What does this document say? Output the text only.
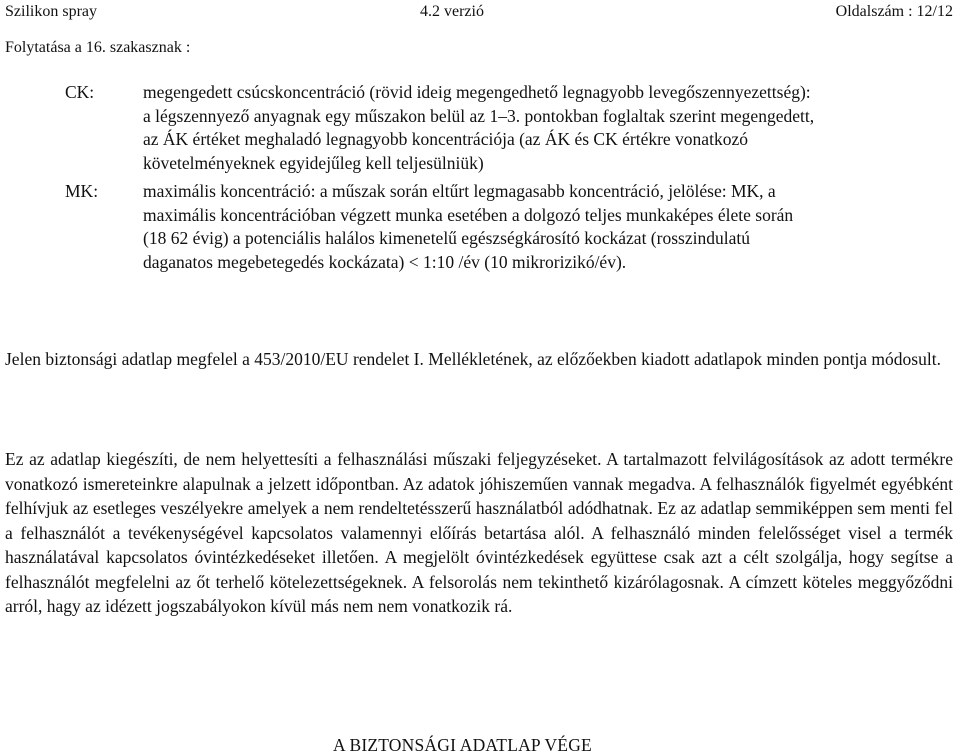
Szilikon spray	4.2 verzió	Oldalszám : 12/12
Folytatása a 16. szakasznak :
CK:	megengedett csúcskoncentráció (rövid ideig megengedhető legnagyobb levegőszennyezettség):

a légszennyező anyagnak egy műszakon belül az 1–3. pontokban foglaltak szerint megengedett,

az ÁK értéket meghaladó legnagyobb koncentrációja (az ÁK és CK értékre vonatkozó

követelményeknek egyidejűleg kell teljesülniük)

MK:	maximális koncentráció: a műszak során eltűrt legmagasabb koncentráció, jelölése: MK, a

maximális koncentrációban végzett munka esetében a dolgozó teljes munkaképes élete során

(18 62 évig) a potenciális halálos kimenetelű egészségkárosító kockázat (rosszindulatú

daganatos megebetegedés kockázata) < 1:10 /év (10 mikrorizikó/év).

Jelen biztonsági adatlap megfelel a 453/2010/EU rendelet I. Mellékletének, az előzőekben kiadott adatlapok minden pontja módosult.

Ez az adatlap kiegészíti, de nem helyettesíti a felhasználási műszaki feljegyzéseket. A tartalmazott felvilágosítások az adott termékre vonatkozó ismereteinkre alapulnak a jelzett időpontban. Az adatok jóhiszeműen vannak megadva. A felhasználók figyelmét egyébként felhívjuk az esetleges veszélyekre amelyek a nem rendeltetésszerű használatból adódhatnak. Ez az adatlap semmiképpen sem menti fel a felhasználót a tevékenységével kapcsolatos valamennyi előírás betartása alól. A felhasználó minden felelősséget visel a termék használatával kapcsolatos óvintézkedéseket illetően. A megjelölt óvintézkedések együttese csak azt a célt szolgálja, hogy segítse a felhasználót megfelelni az őt terhelő kötelezettségeknek. A felsorolás nem tekinthető kizárólagosnak. A címzett köteles meggyőződni arról, hagy az idézett jogszabályokon kívül más nem nem vonatkozik rá.

A BIZTONSÁGI ADATLAP VÉGE
